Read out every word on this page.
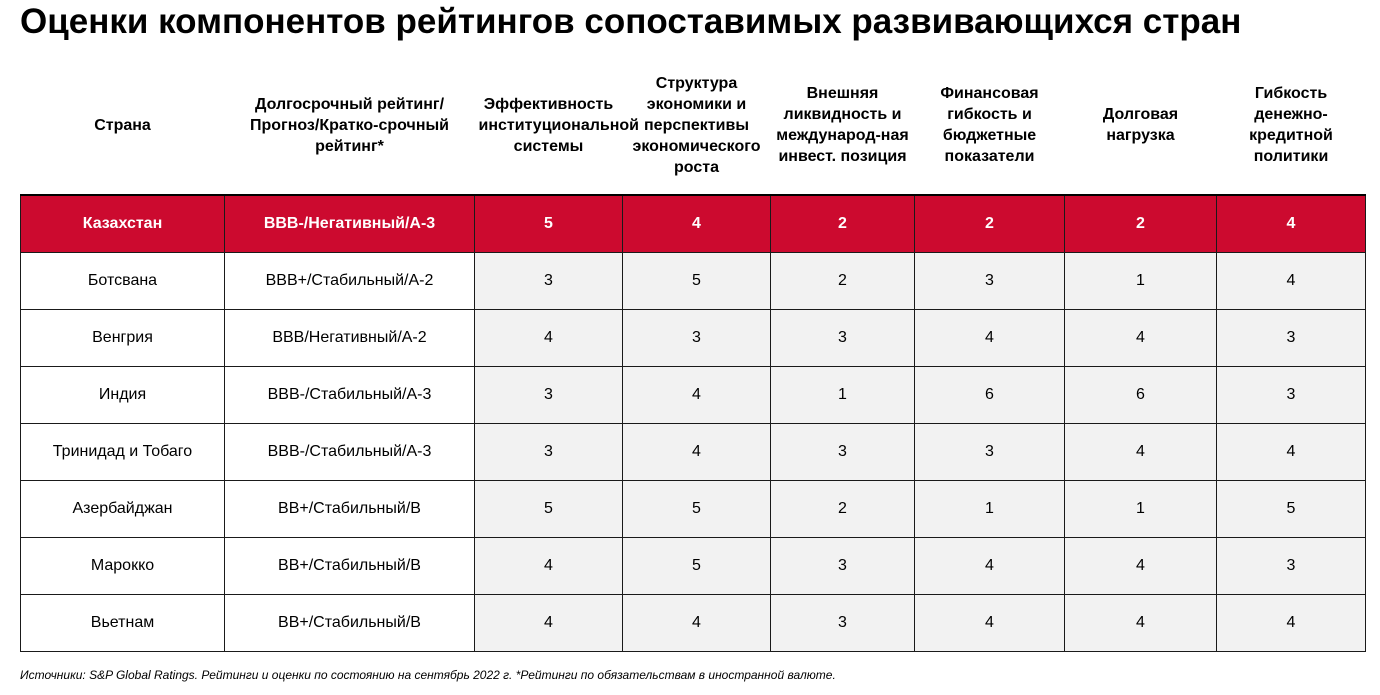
Оценки компонентов рейтингов сопоставимых развивающихся стран
Страна	Долгосрочный рейтинг/Прогноз/Кратко-срочный рейтинг*	Эффективность институциональной системы	Структура экономики и перспективы экономического роста	Внешняя ликвидность и международ-ная инвест. позиция	Финансовая гибкость и бюджетные показатели	Долговая нагрузка	Гибкость денежно-кредитной политики
Казахстан	BBB-/Негативный/A-3	5	4	2	2	2	4
Ботсвана	BBB+/Стабильный/A-2	3	5	2	3	1	4
Венгрия	BBB/Негативный/A-2	4	3	3	4	4	3
Индия	BBB-/Стабильный/A-3	3	4	1	6	6	3
Тринидад и Тобаго	BBB-/Стабильный/A-3	3	4	3	3	4	4
Азербайджан	BB+/Стабильный/B	5	5	2	1	1	5
Марокко	BB+/Стабильный/B	4	5	3	4	4	3
Вьетнам	BB+/Стабильный/B	4	4	3	4	4	4
Источники: S&P Global Ratings. Рейтинги и оценки по состоянию на сентябрь 2022 г. *Рейтинги по обязательствам в иностранной валюте.
